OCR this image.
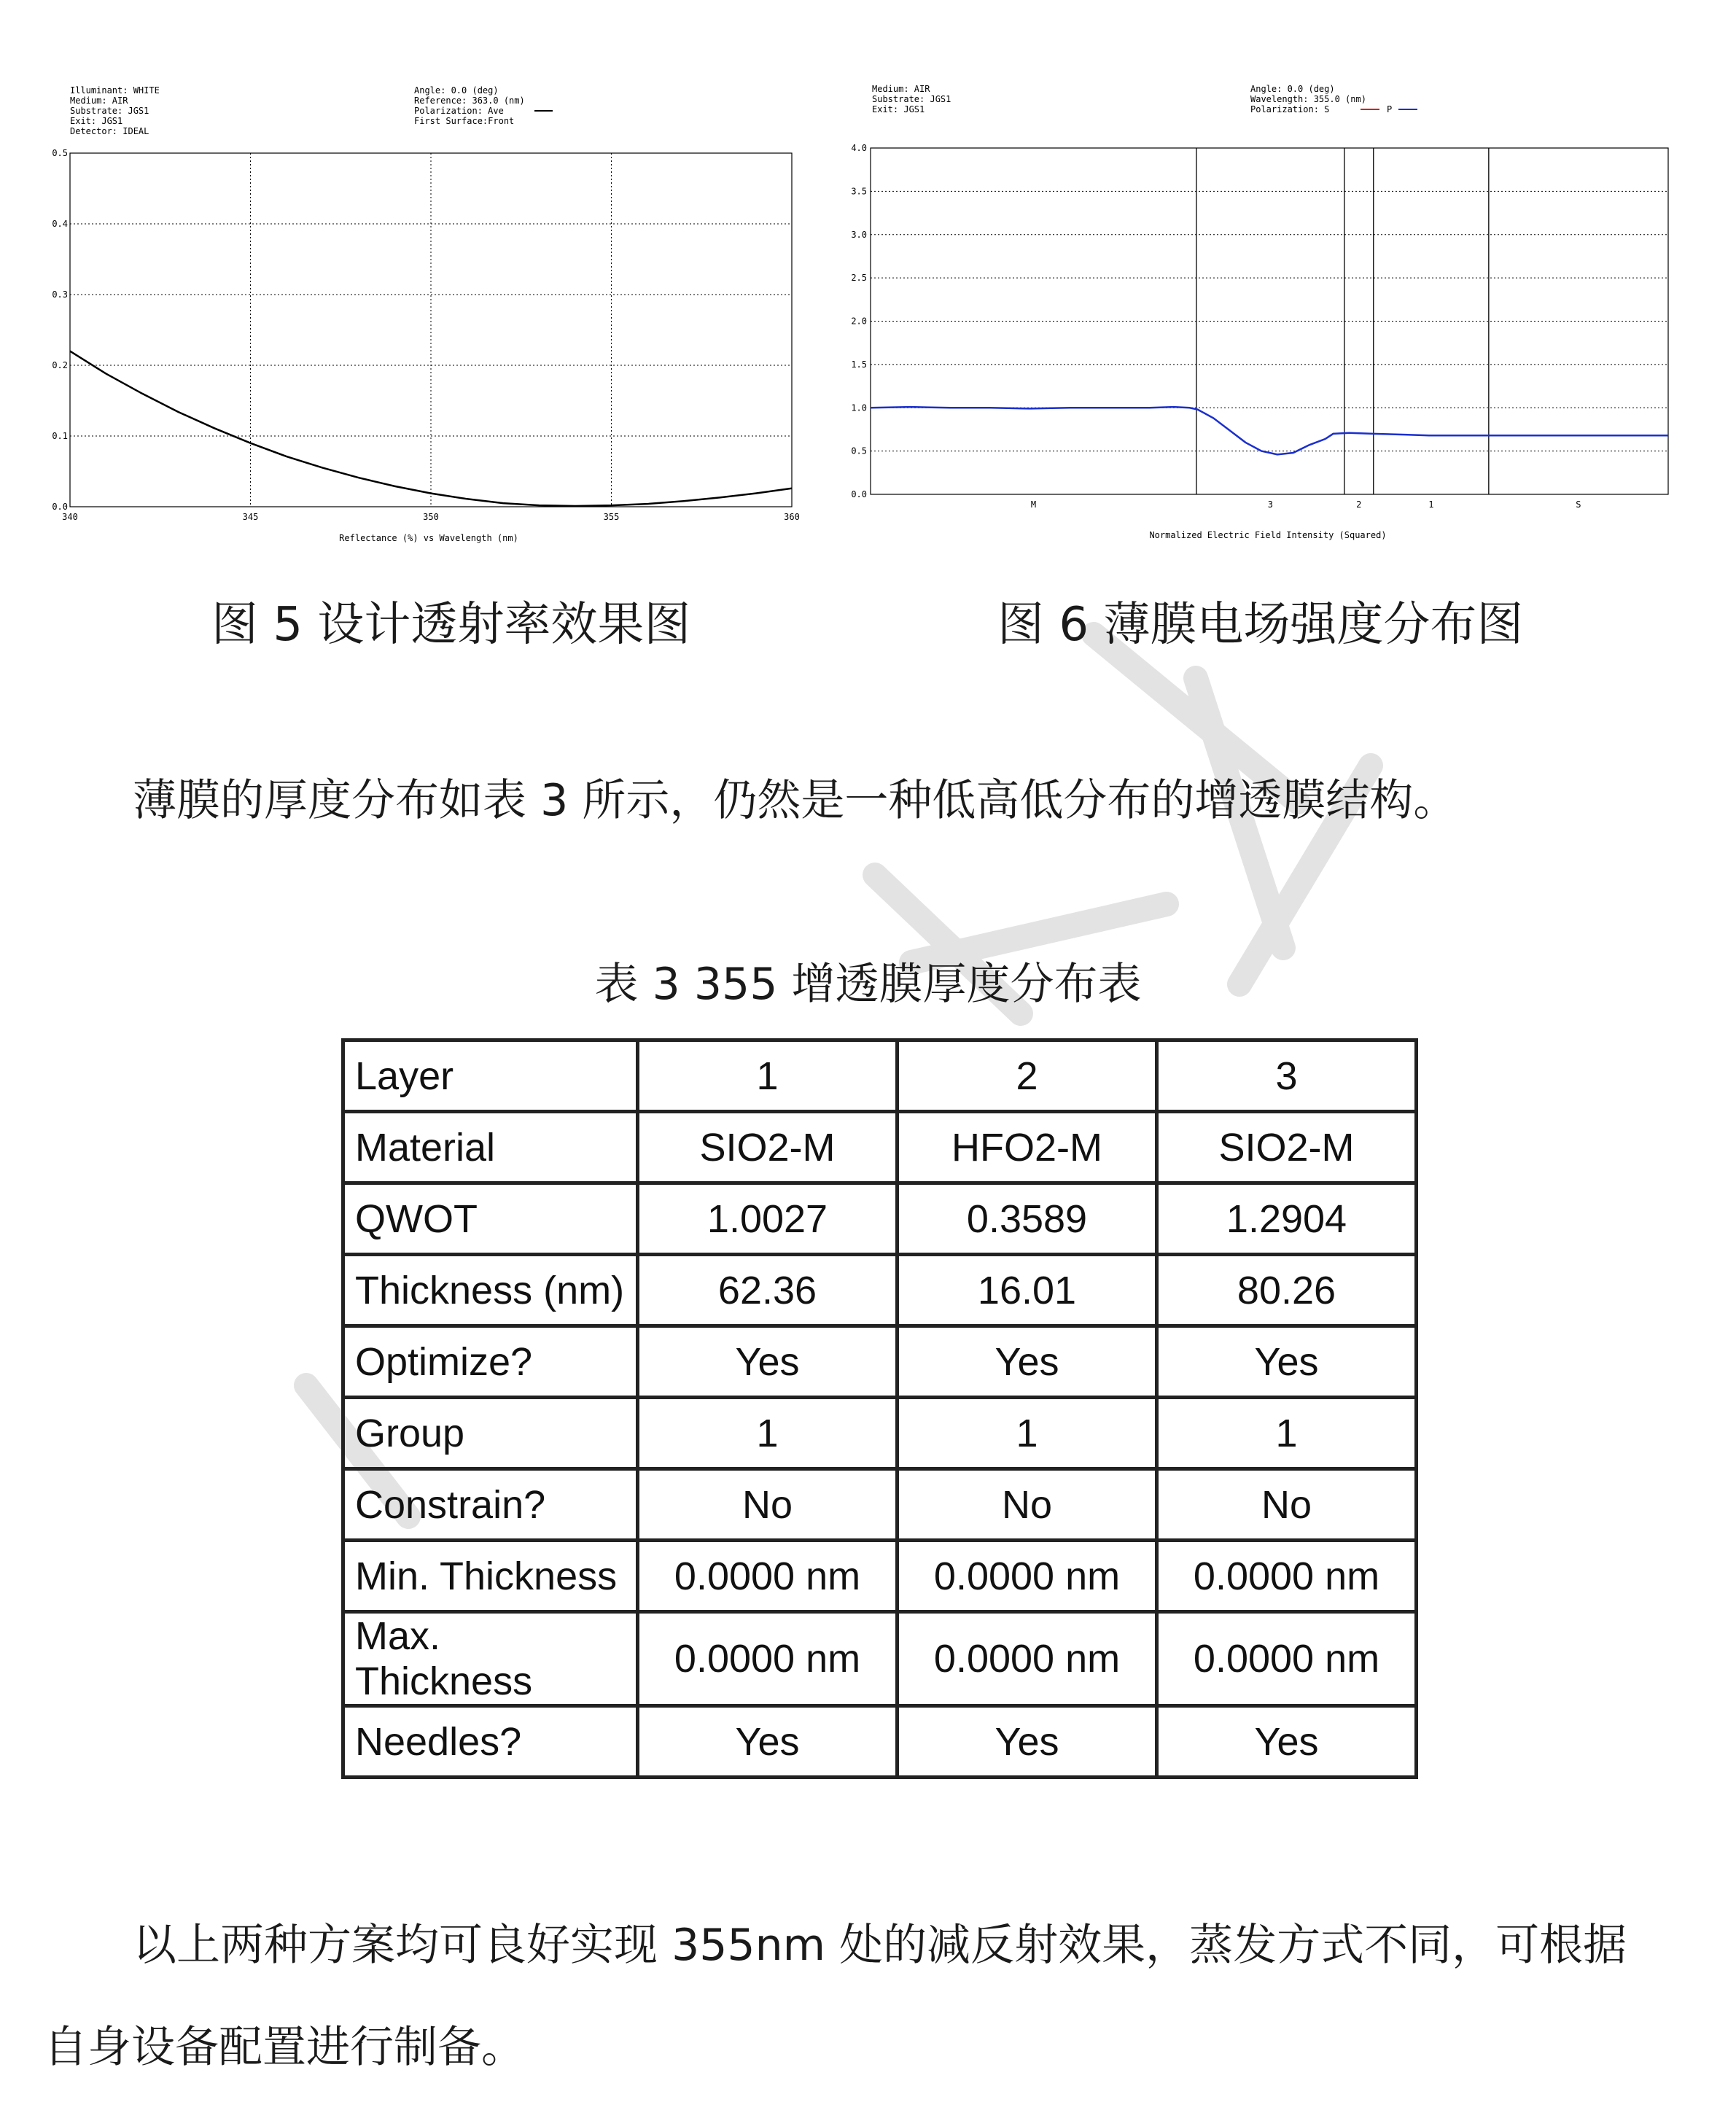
Illuminant: WHITE
Medium: AIR
Substrate: JGS1
Exit: JGS1
Detector: IDEAL
Angle: 0.0 (deg)
Reference: 363.0 (nm)
Polarization: Ave
First Surface:Front
0.0
0.1
0.2
0.3
0.4
0.5
340	345	350	355	360
Reflectance (%) vs Wavelength (nm)
Medium: AIR
Substrate: JGS1
Exit: JGS1
Angle: 0.0 (deg)
Wavelength: 355.0 (nm)
Polarization: S	P
0.0
0.5
1.0
1.5
2.0
2.5
3.0
3.5
4.0
M	3	2	1	S
Normalized Electric Field Intensity (Squared)
图 5 设计透射率效果图	图 6 薄膜电场强度分布图
薄膜的厚度分布如表 3 所示，仍然是一种低高低分布的增透膜结构。
表 3 355 增透膜厚度分布表
Layer	1	2	3
Material	SIO2-M	HFO2-M	SIO2-M
QWOT	1.0027	0.3589	1.2904
Thickness (nm)	62.36	16.01	80.26
Optimize?	Yes	Yes	Yes
Group	1	1	1
Constrain?	No	No	No
Min. Thickness	0.0000 nm	0.0000 nm	0.0000 nm
Max. Thickness	0.0000 nm	0.0000 nm	0.0000 nm
Needles?	Yes	Yes	Yes
以上两种方案均可良好实现 355nm 处的减反射效果，蒸发方式不同，可根据
自身设备配置进行制备。
